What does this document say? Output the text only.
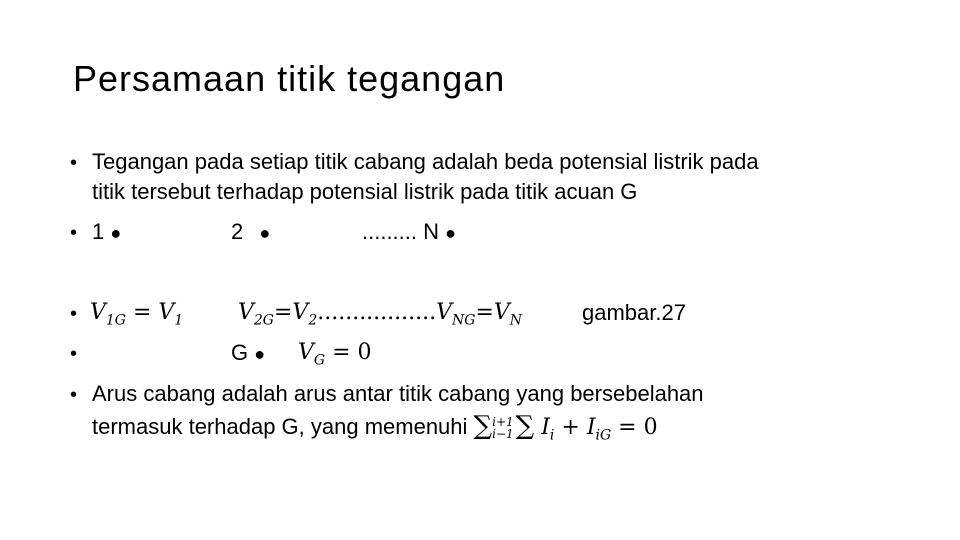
Persamaan titik tegangan
• Tegangan pada setiap titik cabang adalah beda potensial listrik pada
titik tersebut terhadap potensial listrik pada titik acuan G
• 1 ●	2 ●	......... N ●
• $V_{1G} = V_1$ $V_{2G}=V_2.................V_{NG}=V_N$	gambar.27
•	G ● $V_G = 0$
• Arus cabang adalah arus antar titik cabang yang bersebelahan
termasuk terhadap G, yang memenuhi ∑ i+1
i−1 ∑ $I_i + I_{iG} = 0$
